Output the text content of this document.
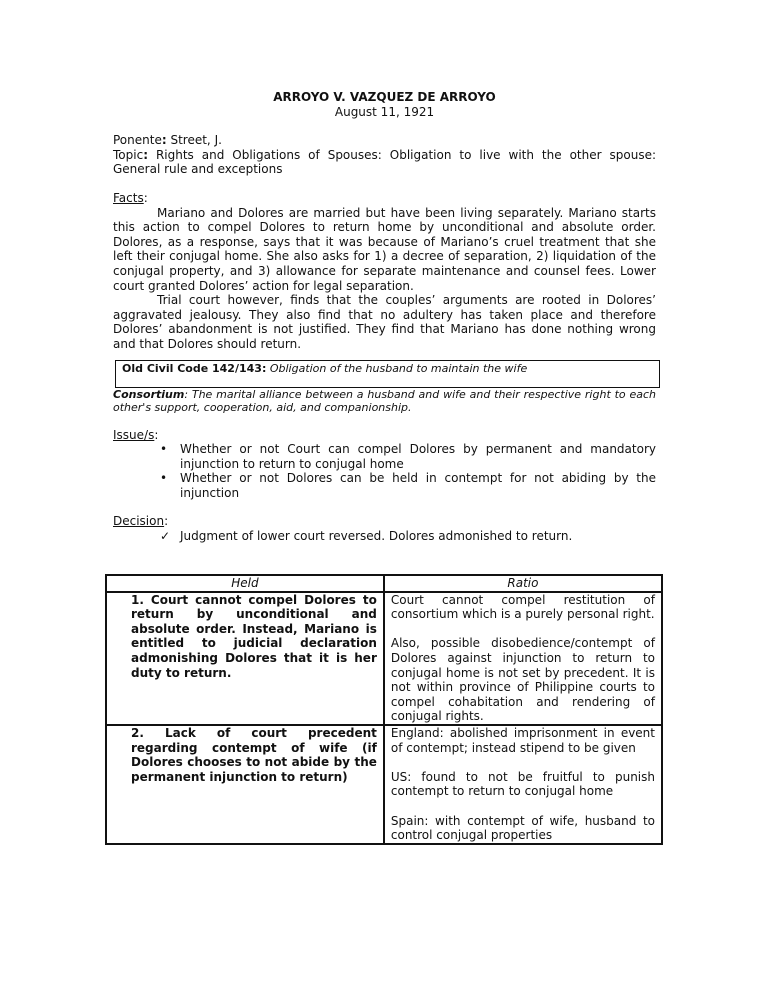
ARROYO V. VAZQUEZ DE ARROYO
August 11, 1921
Ponente: Street, J.
Topic: Rights and Obligations of Spouses: Obligation to live with the other spouse: General rule and exceptions
Facts:
Mariano and Dolores are married but have been living separately. Mariano starts this action to compel Dolores to return home by unconditional and absolute order. Dolores, as a response, says that it was because of Mariano’s cruel treatment that she left their conjugal home. She also asks for 1) a decree of separation, 2) liquidation of the conjugal property, and 3) allowance for separate maintenance and counsel fees. Lower court granted Dolores’ action for legal separation.
Trial court however, finds that the couples’ arguments are rooted in Dolores’ aggravated jealousy. They also find that no adultery has taken place and therefore Dolores’ abandonment is not justified. They find that Mariano has done nothing wrong and that Dolores should return.
Old Civil Code 142/143: Obligation of the husband to maintain the wife
Consortium: The marital alliance between a husband and wife and their respective right to each other's support, cooperation, aid, and companionship.
Issue/s:
• Whether or not Court can compel Dolores by permanent and mandatory injunction to return to conjugal home
• Whether or not Dolores can be held in contempt for not abiding by the injunction
Decision:
✓ Judgment of lower court reversed. Dolores admonished to return.
Held	Ratio

1. Court cannot compel Dolores to return by unconditional and absolute order. Instead, Mariano is entitled to judicial declaration admonishing Dolores that it is her duty to return.	Court cannot compel restitution of consortium which is a purely personal right.
Also, possible disobedience/contempt of Dolores against injunction to return to conjugal home is not set by precedent. It is not within province of Philippine courts to compel cohabitation and rendering of conjugal rights.

2. Lack of court precedent regarding contempt of wife (if Dolores chooses to not abide by the permanent injunction to return)	England: abolished imprisonment in event of contempt; instead stipend to be given
US: found to not be fruitful to punish contempt to return to conjugal home
Spain: with contempt of wife, husband to control conjugal properties
